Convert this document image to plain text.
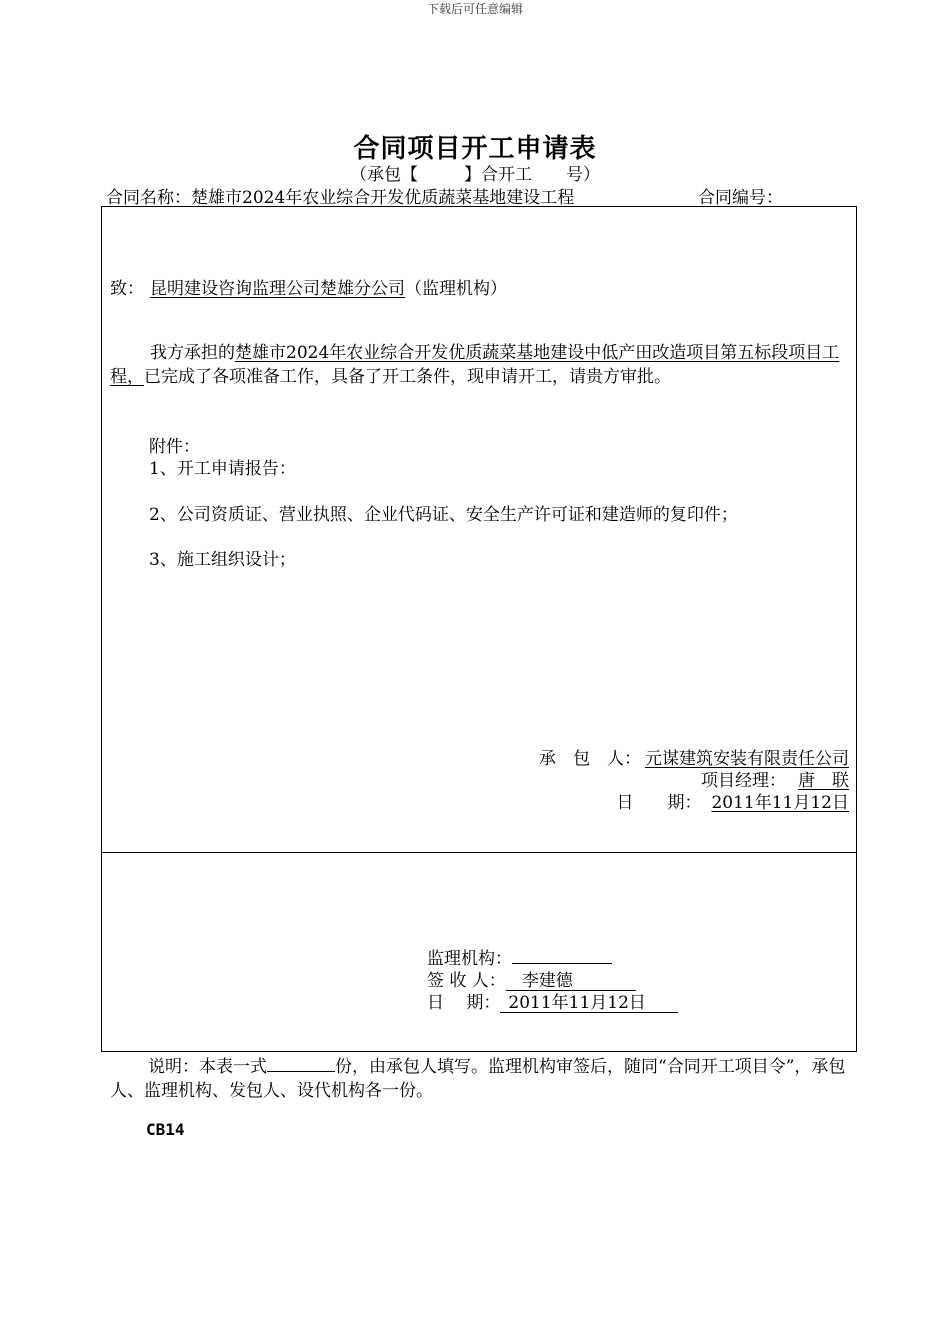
下载后可任意编辑
合同项目开工申请表
（承包【	】合开工 号）
合同名称：楚雄市2024年农业综合开发优质蔬菜基地建设工程	合同编号：
致： 昆明建设咨询监理公司楚雄分公司（监理机构）
我方承担的楚雄市2024年农业综合开发优质蔬菜基地建设中低产田改造项目第五标段项目工程，已完成了各项准备工作，具备了开工条件，现申请开工，请贵方审批。
附件：
1、开工申请报告：
2、公司资质证、营业执照、企业代码证、安全生产许可证和建造师的复印件；
3、施工组织设计；
承　包　人： 元谋建筑安装有限责任公司
项目经理： 唐　联
日　　期： 2011年11月12日
监理机构：
签 收 人： 李建德
日　 期： 2011年11月12日
说明：本表一式	份，由承包人填写。监理机构审签后，随同“合同开工项目令”，承包人、监理机构、发包人、设代机构各一份。
CB14
